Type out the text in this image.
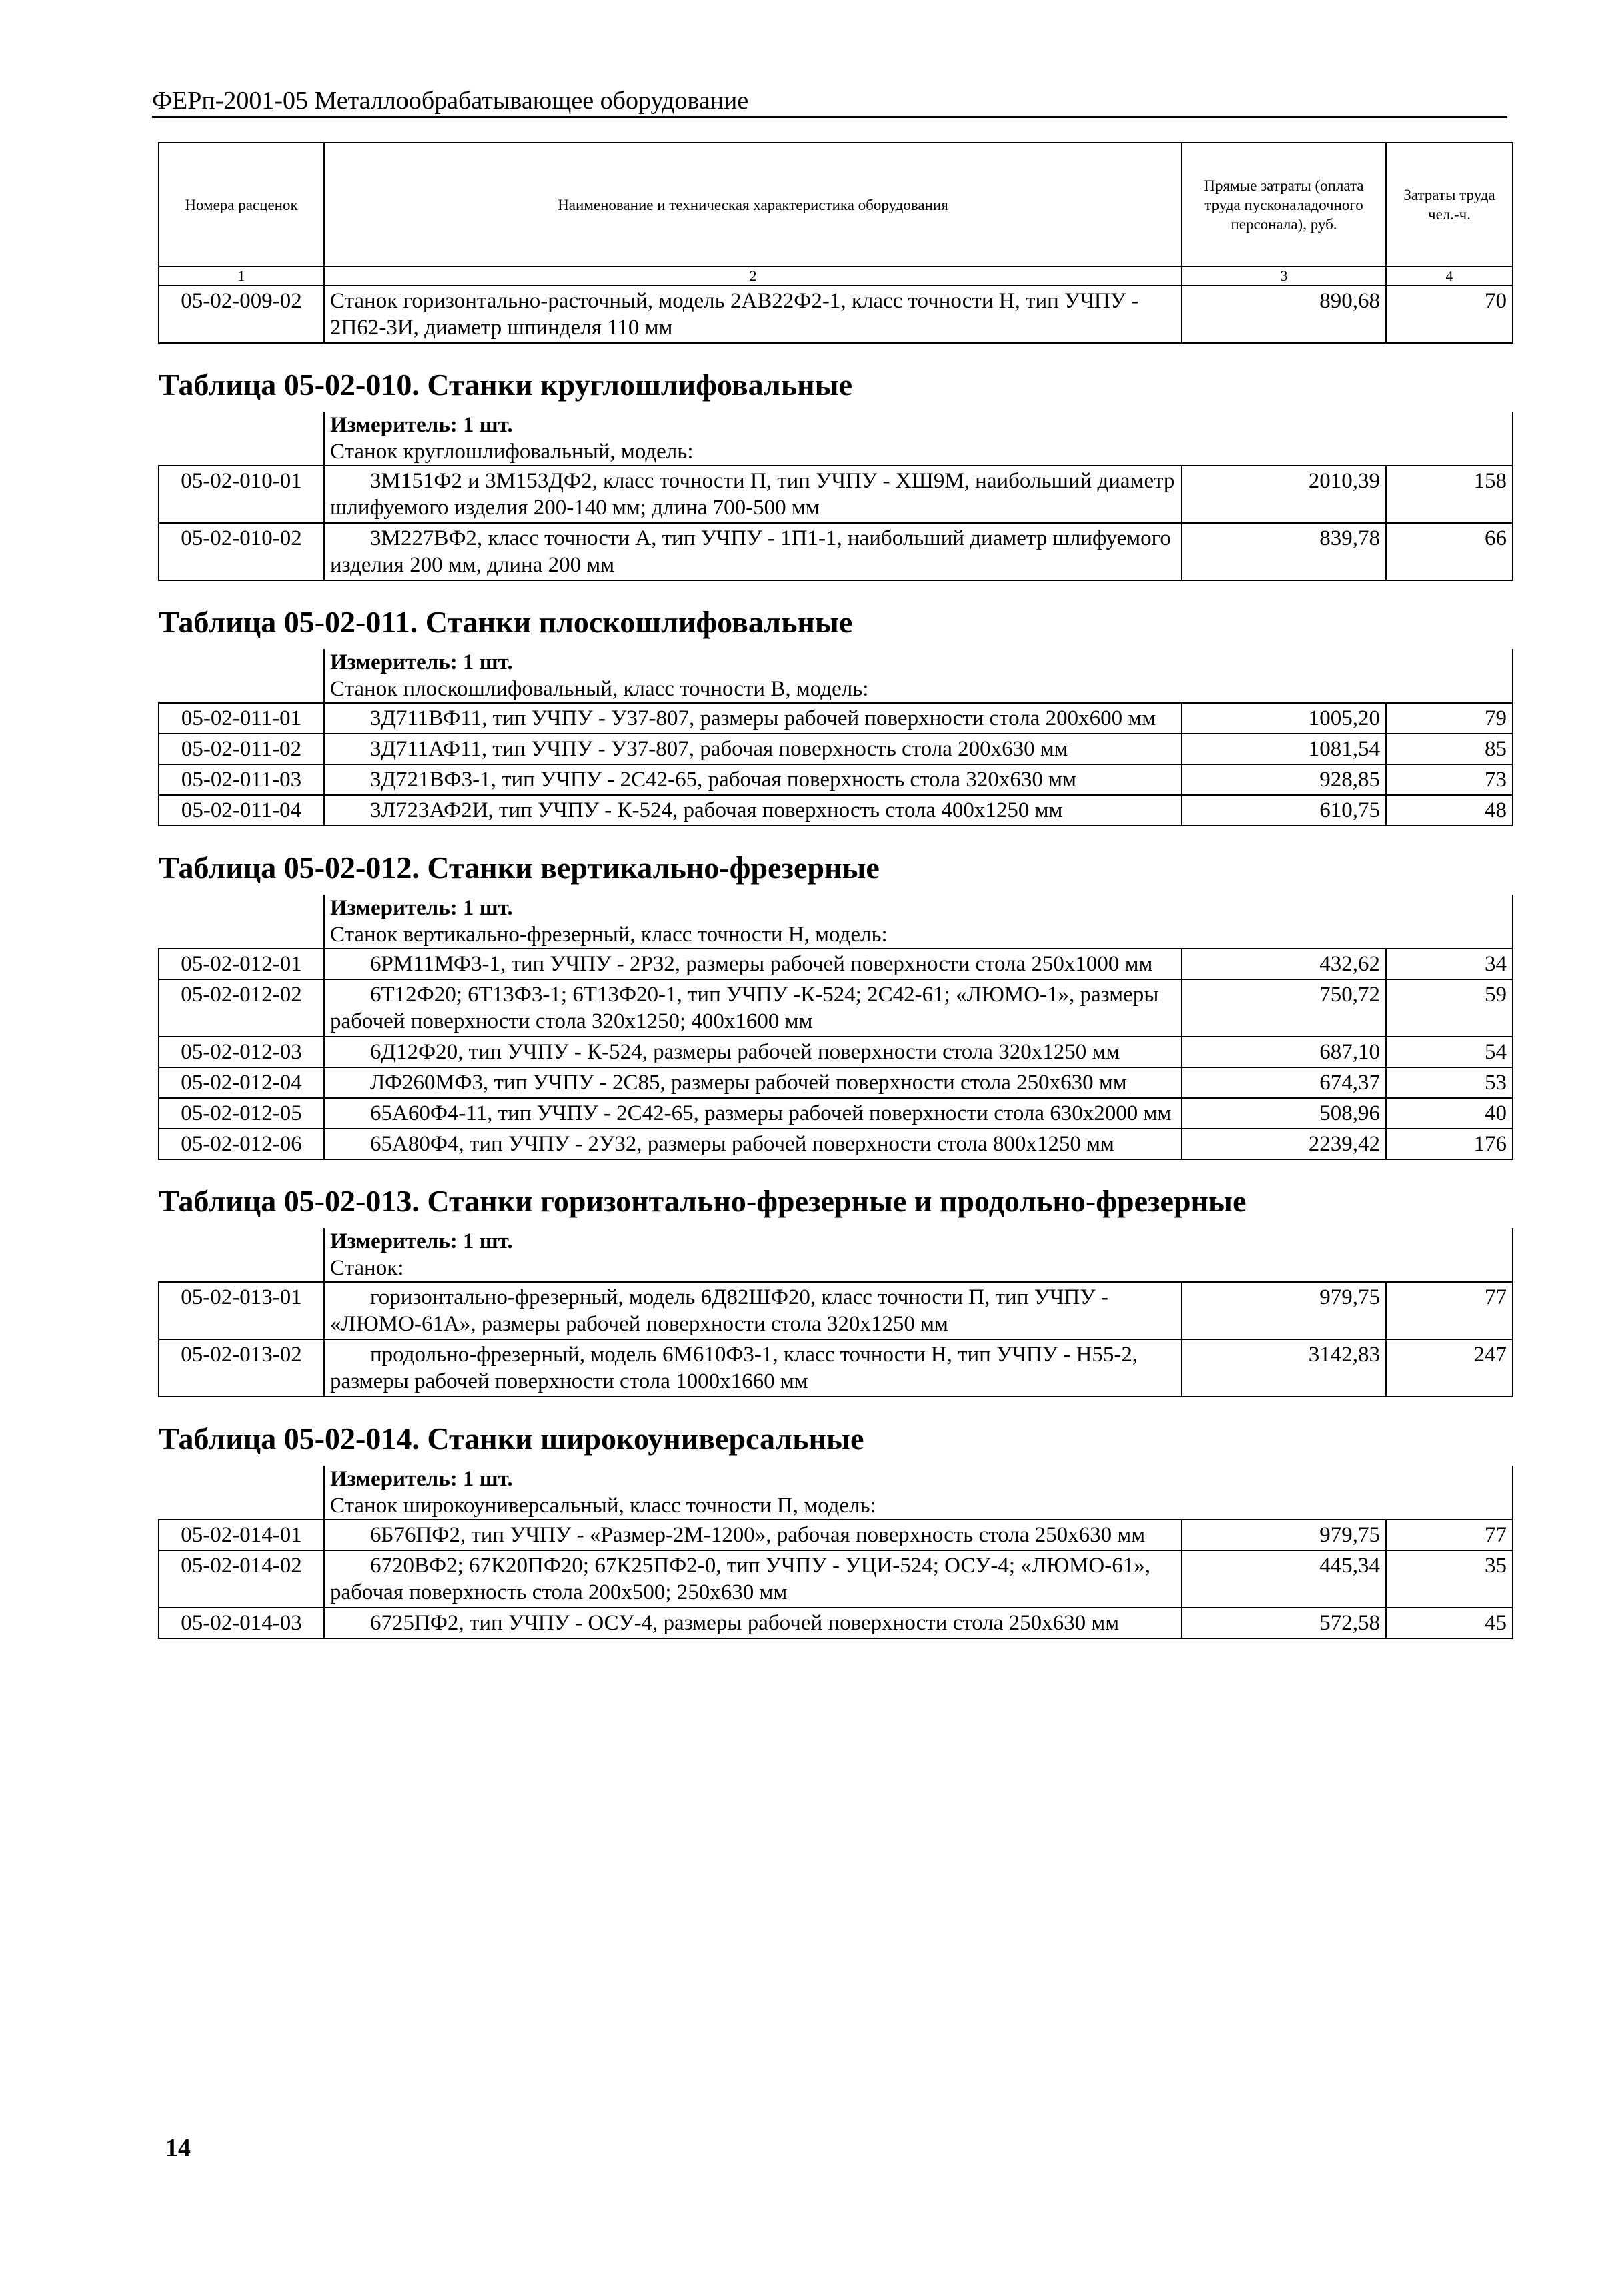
ФЕРп-2001-05 Металлообрабатывающее оборудование
Номера расценок	Наименование и техническая характеристика оборудования	Прямые затраты (оплата труда пусконаладочного персонала), руб.	Затраты труда чел.-ч.
1	2	3	4
05-02-009-02	Станок горизонтально-расточный, модель 2АВ22Ф2-1, класс точности Н, тип УЧПУ - 2П62-3И, диаметр шпинделя 110 мм	890,68	70
Таблица 05-02-010. Станки круглошлифовальные			
	Измеритель: 1 шт.		
	Станок круглошлифовальный, модель:		
05-02-010-01	3М151Ф2 и 3М153ДФ2, класс точности П, тип УЧПУ - ХШ9М, наибольший диаметр шлифуемого изделия 200-140 мм; длина 700-500 мм	2010,39	158
05-02-010-02	3М227ВФ2, класс точности А, тип УЧПУ - 1П1-1, наибольший диаметр шлифуемого изделия 200 мм, длина 200 мм	839,78	66
Таблица 05-02-011. Станки плоскошлифовальные			
	Измеритель: 1 шт.		
	Станок плоскошлифовальный, класс точности В, модель:		
05-02-011-01	3Д711ВФ11, тип УЧПУ - У37-807, размеры рабочей поверхности стола 200х600 мм	1005,20	79
05-02-011-02	3Д711АФ11, тип УЧПУ - У37-807, рабочая поверхность стола 200х630 мм	1081,54	85
05-02-011-03	3Д721ВФ3-1, тип УЧПУ - 2С42-65, рабочая поверхность стола 320х630 мм	928,85	73
05-02-011-04	3Л723АФ2И, тип УЧПУ - К-524, рабочая поверхность стола 400х1250 мм	610,75	48
Таблица 05-02-012. Станки вертикально-фрезерные			
	Измеритель: 1 шт.		
	Станок вертикально-фрезерный, класс точности Н, модель:		
05-02-012-01	6РМ11МФ3-1, тип УЧПУ - 2Р32, размеры рабочей поверхности стола 250х1000 мм	432,62	34
05-02-012-02	6Т12Ф20; 6Т13Ф3-1; 6Т13Ф20-1, тип УЧПУ -К-524; 2С42-61; «ЛЮМО-1», размеры рабочей поверхности стола 320х1250; 400х1600 мм	750,72	59
05-02-012-03	6Д12Ф20, тип УЧПУ - К-524, размеры рабочей поверхности стола 320х1250 мм	687,10	54
05-02-012-04	ЛФ260МФ3, тип УЧПУ - 2С85, размеры рабочей поверхности стола 250х630 мм	674,37	53
05-02-012-05	65А60Ф4-11, тип УЧПУ - 2С42-65, размеры рабочей поверхности стола 630х2000 мм	508,96	40
05-02-012-06	65А80Ф4, тип УЧПУ - 2У32, размеры рабочей поверхности стола 800х1250 мм	2239,42	176
Таблица 05-02-013. Станки горизонтально-фрезерные и продольно-фрезерные			
	Измеритель: 1 шт.		
	Станок:		
05-02-013-01	горизонтально-фрезерный, модель 6Д82ШФ20, класс точности П, тип УЧПУ - «ЛЮМО-61А», размеры рабочей поверхности стола 320х1250 мм	979,75	77
05-02-013-02	продольно-фрезерный, модель 6М610Ф3-1, класс точности Н, тип УЧПУ - Н55-2, размеры рабочей поверхности стола 1000х1660 мм	3142,83	247
Таблица 05-02-014. Станки широкоуниверсальные			
	Измеритель: 1 шт.		
	Станок широкоуниверсальный, класс точности П, модель:		
05-02-014-01	6Б76ПФ2, тип УЧПУ - «Размер-2М-1200», рабочая поверхность стола 250х630 мм	979,75	77
05-02-014-02	6720ВФ2; 67К20ПФ20; 67К25ПФ2-0, тип УЧПУ - УЦИ-524; ОСУ-4; «ЛЮМО-61», рабочая поверхность стола 200х500; 250х630 мм	445,34	35
05-02-014-03	6725ПФ2, тип УЧПУ - ОСУ-4, размеры рабочей поверхности стола 250х630 мм	572,58	45
14
